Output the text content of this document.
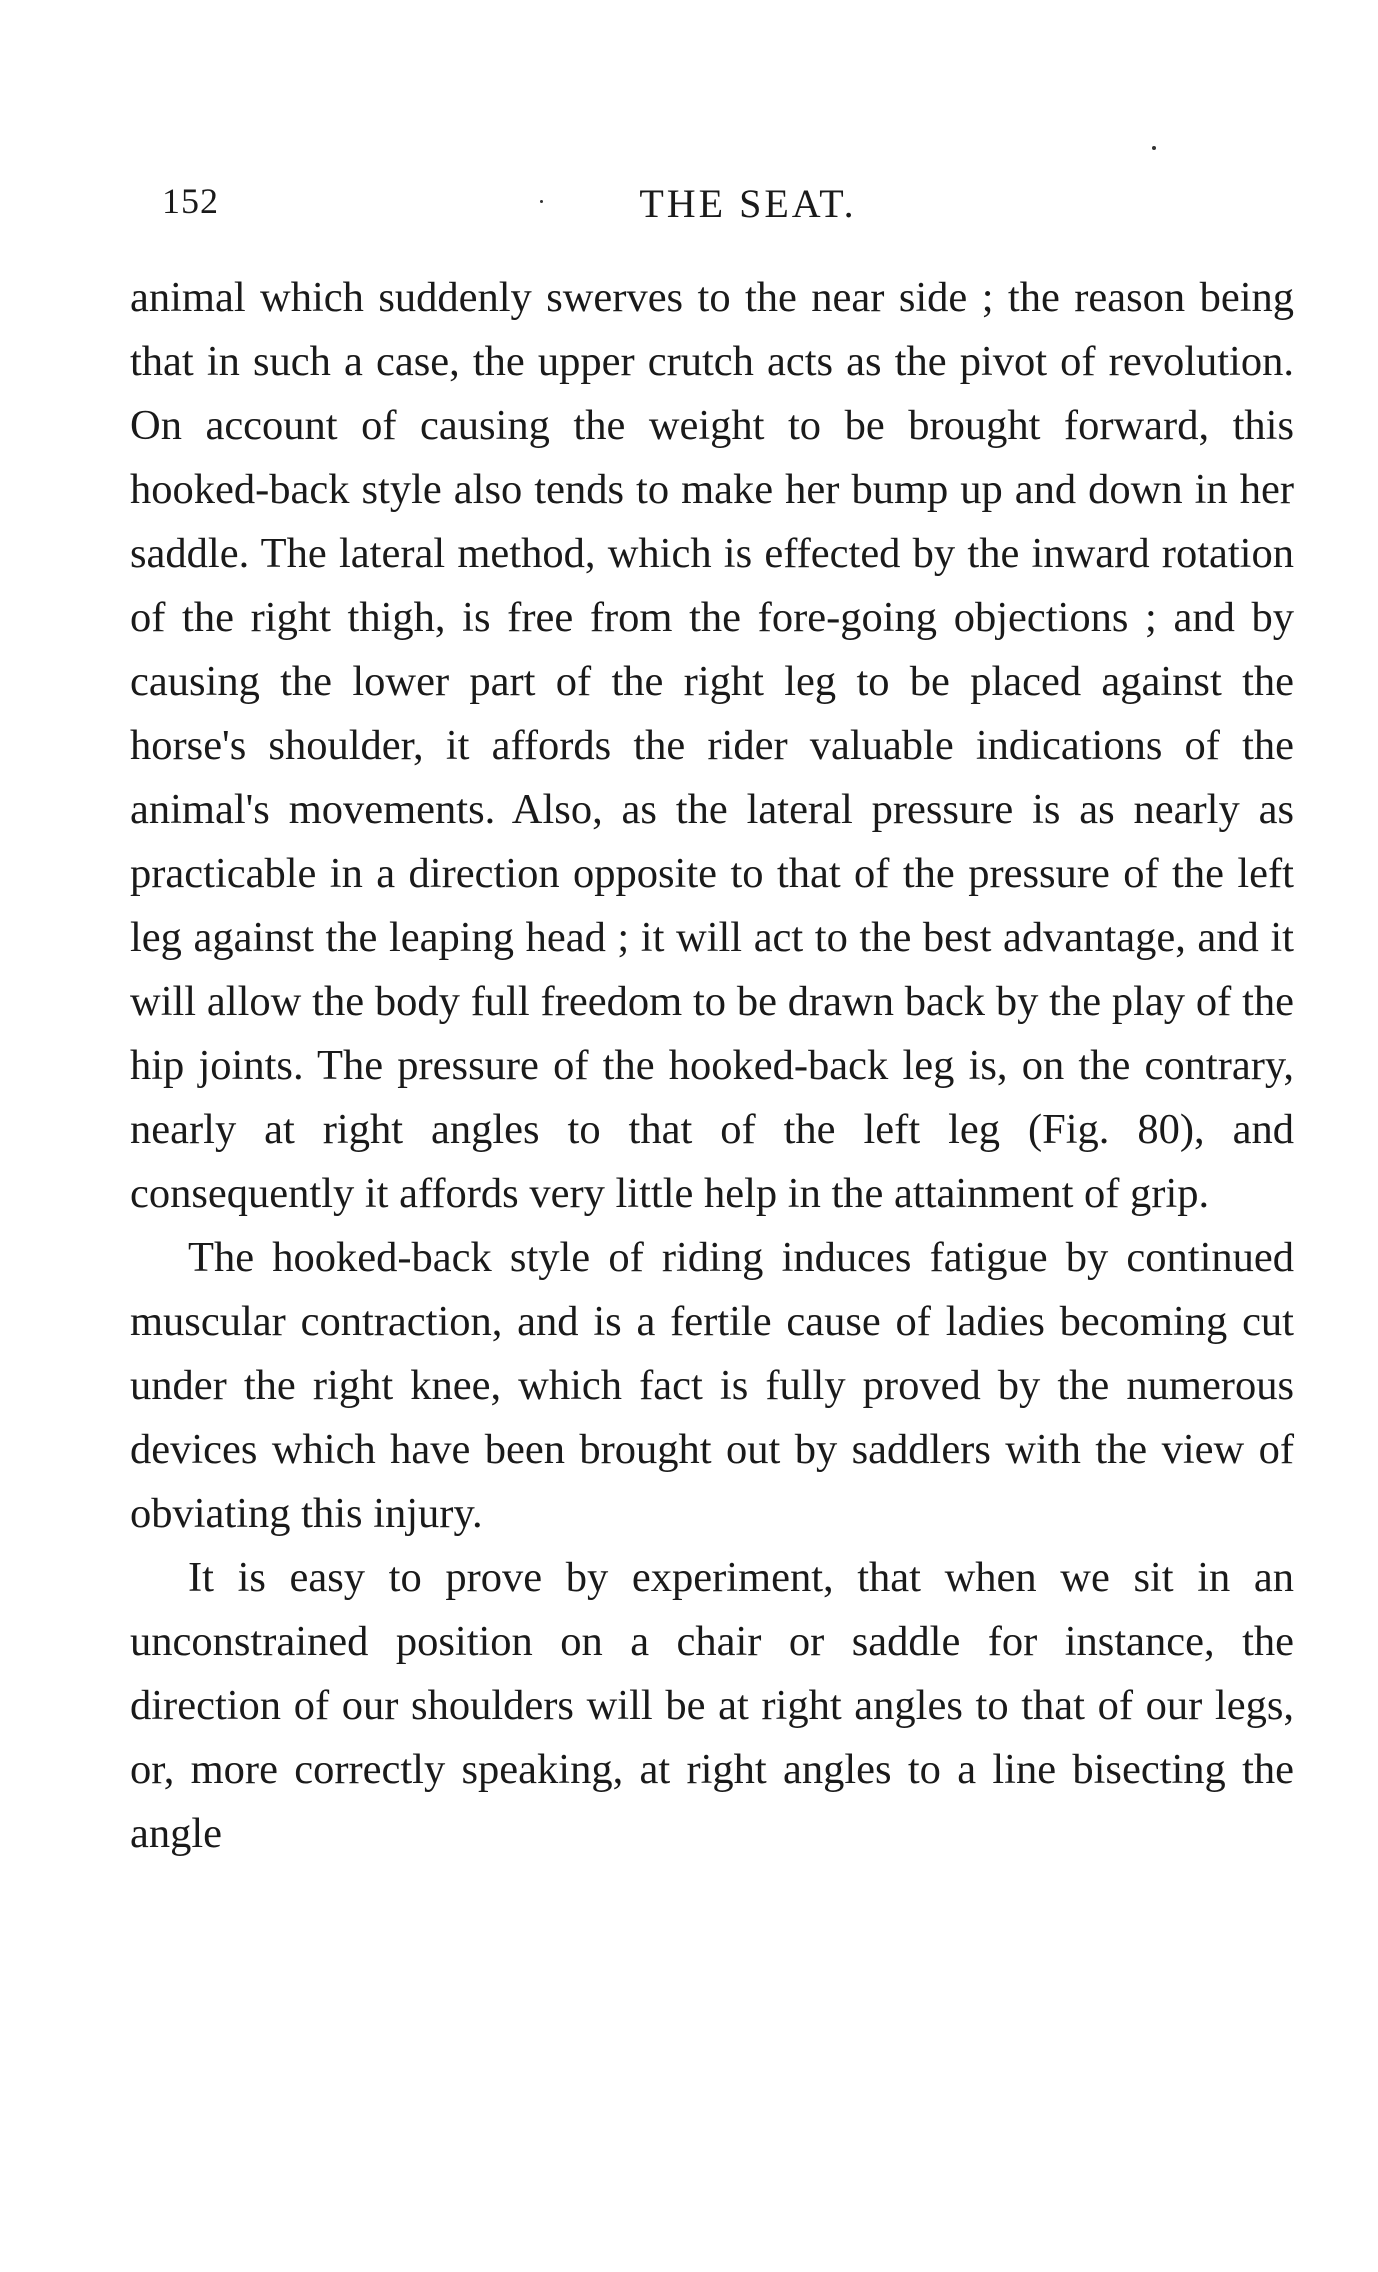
152	THE SEAT.

animal which suddenly swerves to the near side ; the reason being that in such a case, the upper crutch acts as the pivot of revolution. On account of causing the weight to be brought forward, this hooked-back style also tends to make her bump up and down in her saddle. The lateral method, which is effected by the inward rotation of the right thigh, is free from the fore-going objections ; and by causing the lower part of the right leg to be placed against the horse's shoulder, it affords the rider valuable indications of the animal's movements. Also, as the lateral pressure is as nearly as practicable in a direction opposite to that of the pressure of the left leg against the leaping head ; it will act to the best advantage, and it will allow the body full freedom to be drawn back by the play of the hip joints. The pressure of the hooked-back leg is, on the contrary, nearly at right angles to that of the left leg (Fig. 80), and consequently it affords very little help in the attainment of grip.

The hooked-back style of riding induces fatigue by continued muscular contraction, and is a fertile cause of ladies becoming cut under the right knee, which fact is fully proved by the numerous devices which have been brought out by saddlers with the view of obviating this injury.

It is easy to prove by experiment, that when we sit in an unconstrained position on a chair or saddle for instance, the direction of our shoulders will be at right angles to that of our legs, or, more correctly speaking, at right angles to a line bisecting the angle
